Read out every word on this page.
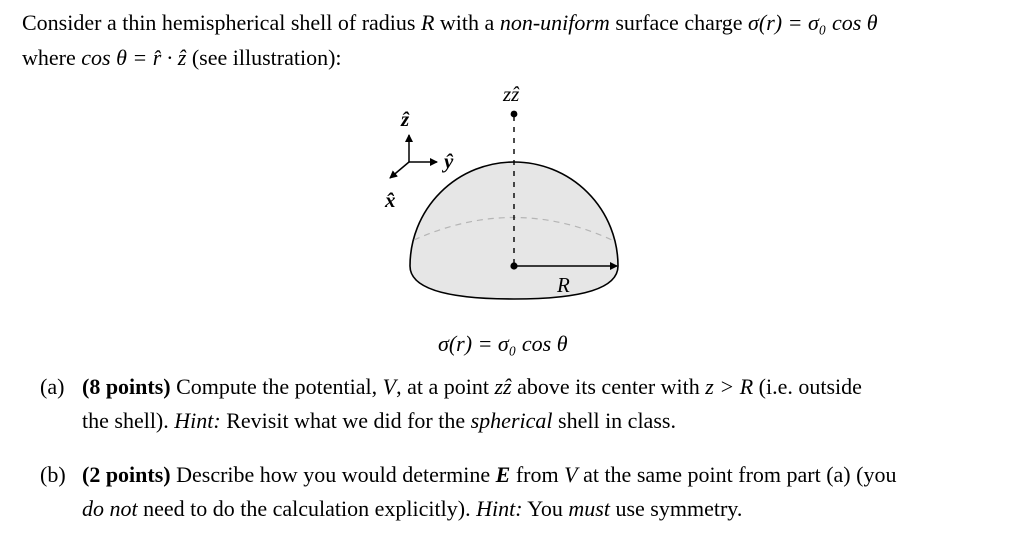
Consider a thin hemispherical shell of radius R with a non-uniform surface charge σ(r) = σ₀ cos θ
where cos θ = r̂ · ẑ (see illustration):
ẑ
ŷ
x̂
zẑ
R
σ(r) = σ₀ cos θ
(a) (8 points) Compute the potential, V, at a point zẑ above its center with z > R (i.e. outside
the shell). Hint: Revisit what we did for the spherical shell in class.
(b) (2 points) Describe how you would determine E from V at the same point from part (a) (you
do not need to do the calculation explicitly). Hint: You must use symmetry.
